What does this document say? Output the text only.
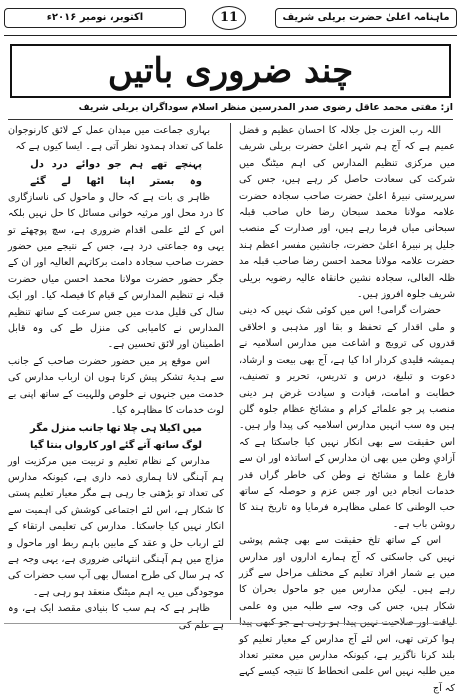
ماہنامہ اعلیٰ حضرت بریلی شریف
11
اکتوبر، نومبر ۲۰۱۶ء
چند ضروری باتیں
از: مفتی محمد عاقل رضوی صدر المدرسین منظر اسلام سوداگران بریلی شریف

اللہ رب العزت جل جلالہ کا احسان عظیم و فضل عمیم ہے کہ آج ہم شہر اعلیٰ حضرت بریلی شریف میں مرکزی تنظیم المدارس کی اہم میٹنگ میں شرکت کی سعادت حاصل کر رہے ہیں، جس کی سرپرستی نبیرۂ اعلیٰ حضرت صاحب سجادہ حضرت علامہ مولانا محمد سبحان رضا خاں صاحب قبلہ سبحانی میاں فرما رہے ہیں، اور صدارت کے منصب جلیل پر نبیرۂ اعلیٰ حضرت، جانشین مفسر اعظم ہند حضرت علامہ مولانا محمد احسن رضا صاحب قبلہ مد ظلہ العالی، سجادہ نشین خانقاہ عالیہ رضویہ بریلی شریف جلوہ افروز ہیں۔

حضرات گرامی! اس میں کوئی شک نہیں کہ دینی و ملی اقدار کے تحفظ و بقا اور مذہبی و اخلاقی قدروں کی ترویج و اشاعت میں مدارس اسلامیہ نے ہمیشہ قلیدی کردار ادا کیا ہے، آج بھی بیعت و ارشاد، دعوت و تبلیغ، درس و تدریس، تحریر و تصنیف، خطابت و امامت، قیادت و سیادت غرض ہر دینی منصب پر جو علمائے کرام و مشائخ عظام جلوہ گلن ہیں وہ سب انہیں مدارس اسلامیہ کی پیدا وار ہیں۔ اس حقیقت سے بھی انکار نہیں کیا جاسکتا ہے کہ آزادیِ وطن میں بھی ان مدارس کے اساتذہ اور ان سے فارغ علما و مشائخ نے وطن کی خاطر گراں قدر خدمات انجام دیں اور جس عزم و حوصلہ کے ساتھ حب الوطنی کا عملی مظاہرہ فرمایا وہ تاریخ ہند کا روشن باب ہے۔

اس کے ساتھ تلخ حقیقت سے بھی چشم پوشی نہیں کی جاسکتی کہ آج ہمارے اداروں اور مدارس میں بے شمار افراد تعلیم کے مختلف مراحل سے گزر رہے ہیں۔ لیکن مدارس میں جو ماحول بحران کا شکار ہیں، جس کی وجہ سے طلبہ میں وہ علمی لیاقت اور صلاحیت نہیں پیدا ہو رہی ہے جو کبھی پیدا ہوا کرتی تھی، اس لئے آج مدارس کے معیار تعلیم کو بلند کرنا ناگزیر ہے، کیونکہ مدارس میں معتبر تعداد میں طلبہ نہیں اس علمی انحطاط کا نتیجہ کیسے کہے کہ آج

بہاری جماعت میں میدان عمل کے لائق کارنوجوان علما کی تعداد ہمدود نظر آتی ہے۔ ایسا کیوں ہے کہ

پہنچے
تھے
ہم
جو
دوائے
درد
دل
وہ
بستر
اپنا
اٹھا
لے
گئے

ظاہر ی بات ہے کہ حال و ماحول کی ناسازگاری کا درد محل اور مرثیہ خوانی مسائل کا حل نہیں بلکہ اس کے لئے علمی اقدام ضروری ہے، سچ پوچھئے تو یہی وہ جماعتی درد ہے، جس کے نتیجے میں حضور حضرت صاحب سجادہ دامت برکاتہم العالیہ اور ان کے جگر حضور حضرت مولانا محمد احسن میاں حضرت قبلہ نے تنظیم المدارس کے قیام کا فیصلہ کیا۔ اور ایک سال کی قلیل مدت میں جس سرعت کے ساتھ تنظیم المدارس نے کامیابی کی منزل طے کی وہ قابل اطمینان اور لائق تحسین ہے۔

اس موقع پر میں حضور حضرت صاحب کے جانب سے ہدیۂ تشکر پیش کرتا ہوں ان ارباب مدارس کی خدمت میں جنہوں نے خلوص وللہیت کے ساتھ اپنی بے لوث خدمات کا مظاہرہ کیا۔

میں
اکیلا
ہی
چلا
تھا
جانب
منزل
مگر
لوگ
ساتھ
آتے
گئے
اور
کارواں
بنتا
گیا

مدارس کے نظام تعلیم و تربیت میں مرکزیت اور ہم آہنگی لانا ہماری ذمہ داری ہے، کیونکہ مدارس کی تعداد تو بڑھتی جا رہی ہے مگر معیار تعلیم پستی کا شکار ہے، اس لئے اجتماعی کوشش کی اہمیت سے انکار نہیں کیا جاسکتا۔ مدارس کی تعلیمی ارتقاء کے لئے ارباب حل و عقد کے مابین باہم ربط اور ماحول و مزاج میں ہم آہنگی انتہائی ضروری ہے، یہی وجہ ہے کہ ہر سال کی طرح امسال بھی آپ سب حضرات کی موجودگی میں یہ اہم میٹنگ منعقد ہو رہی ہے۔

ظاہر ہے کہ ہم سب کا بنیادی مقصد ایک ہے، وہ ہے علم کی
